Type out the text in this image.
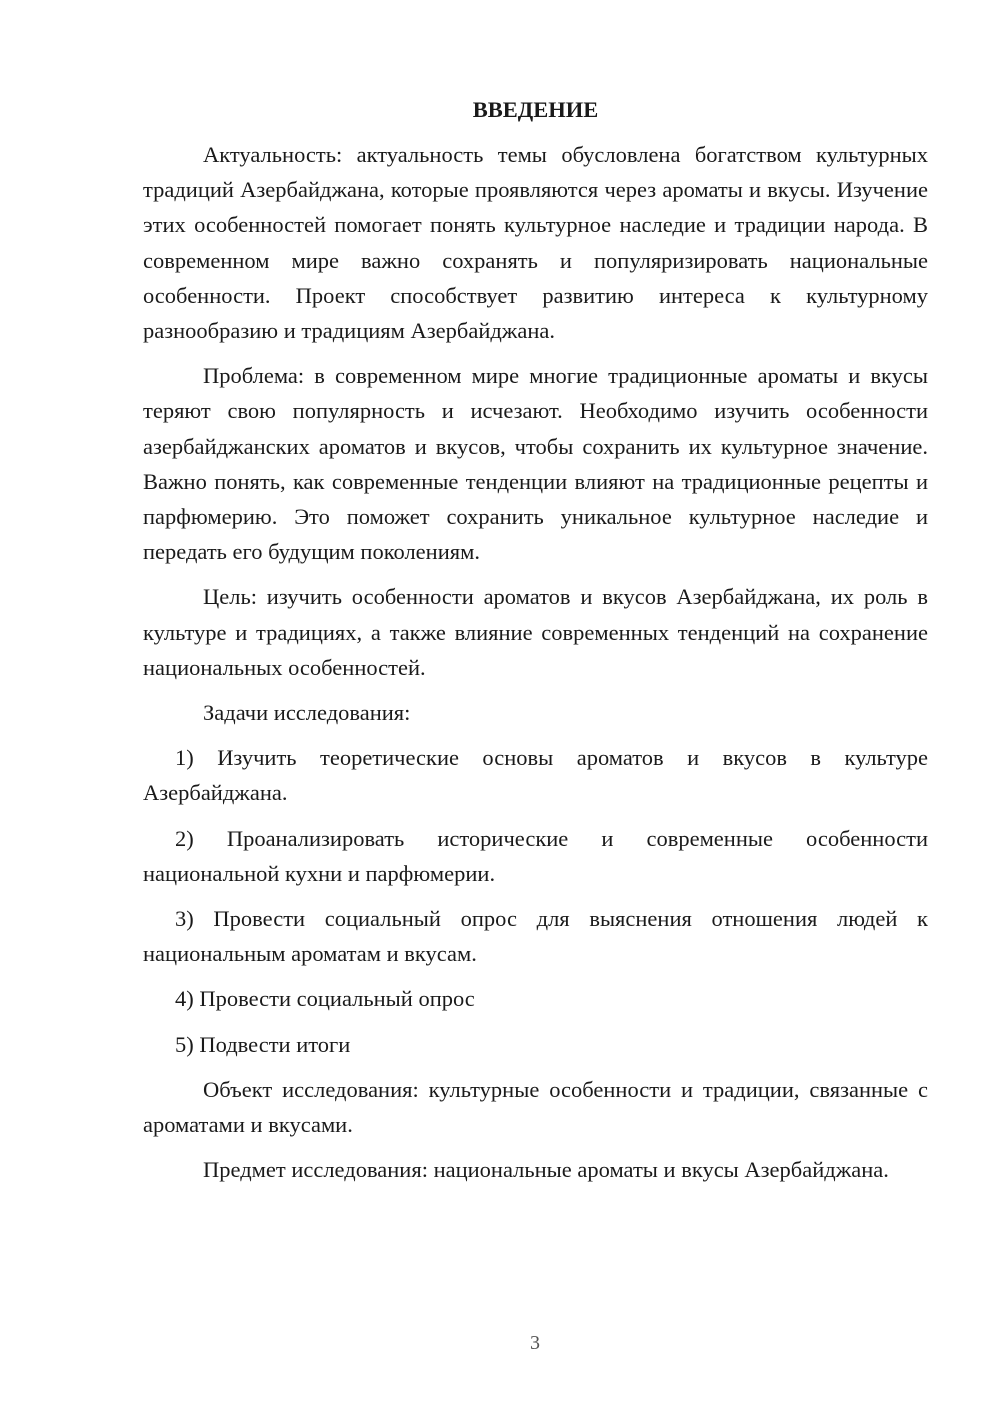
ВВЕДЕНИЕ
Актуальность: актуальность темы обусловлена богатством культурных традиций Азербайджана, которые проявляются через ароматы и вкусы. Изучение этих особенностей помогает понять культурное наследие и традиции народа. В современном мире важно сохранять и популяризировать национальные особенности. Проект способствует развитию интереса к культурному разнообразию и традициям Азербайджана.
Проблема: в современном мире многие традиционные ароматы и вкусы теряют свою популярность и исчезают. Необходимо изучить особенности азербайджанских ароматов и вкусов, чтобы сохранить их культурное значение. Важно понять, как современные тенденции влияют на традиционные рецепты и парфюмерию. Это поможет сохранить уникальное культурное наследие и передать его будущим поколениям.
Цель: изучить особенности ароматов и вкусов Азербайджана, их роль в культуре и традициях, а также влияние современных тенденций на сохранение национальных особенностей.
Задачи исследования:
1) Изучить теоретические основы ароматов и вкусов в культуре Азербайджана.
2) Проанализировать исторические и современные особенности национальной кухни и парфюмерии.
3) Провести социальный опрос для выяснения отношения людей к национальным ароматам и вкусам.
4) Провести социальный опрос
5) Подвести итоги
Объект исследования: культурные особенности и традиции, связанные с ароматами и вкусами.
Предмет исследования: национальные ароматы и вкусы Азербайджана.
3
